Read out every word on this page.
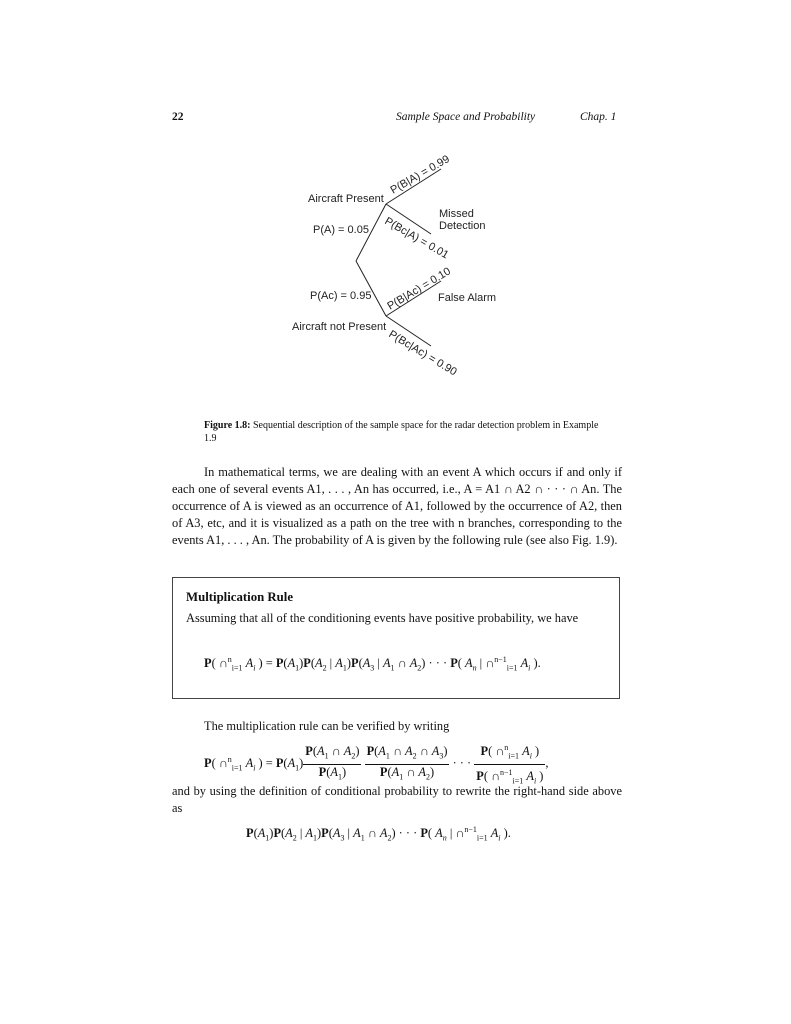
22	Sample Space and Probability	Chap. 1
Aircraft Present
P(A) = 0.05
P(Ac) = 0.95
Aircraft not Present
Missed
Detection
False Alarm
P(B|A) = 0.99
P(Bc|A) = 0.01
P(B|Ac) = 0.10
P(Bc|Ac) = 0.90
Figure 1.8: Sequential description of the sample space for the radar detection problem in Example 1.9

In mathematical terms, we are dealing with an event A which occurs if and only if each one of several events A1, . . . , An has occurred, i.e., A = A1 ∩ A2 ∩ · · · ∩ An. The occurrence of A is viewed as an occurrence of A1, followed by the occurrence of A2, then of A3, etc, and it is visualized as a path on the tree with n branches, corresponding to the events A1, . . . , An. The probability of A is given by the following rule (see also Fig. 1.9).

Multiplication Rule
Assuming that all of the conditioning events have positive probability, we have
P( ∩$^n_{i=1}$ $A_i$ ) = $P(A_1)P(A_2$ | $A_1)P(A_3$ | $A_1$ ∩ $A_2$) · · · P( $A_n$ | ∩$^{n-1}_{i=1}$ $A_i$ ).

The multiplication rule can be verified by writing

P( ∩$^n_{i=1}$ $A_i$ ) = $P(A_1) \frac{P(A_1 \cap A_2)}{P(A_1)}$
$\frac{P(A_1 \cap A_2 \cap A_3)}{P(A_1 \cap A_2)}$ · · · $\frac{P( \cap^n_{i=1} A_i )}{P( \cap^{n-1}_{i=1} A_i )}$ ,

and by using the definition of conditional probability to rewrite the right-hand side above as

$P(A_1)P(A_2$ | $A_1)P(A_3$ | $A_1$ ∩ $A_2$) · · · P( $A_n$ | ∩$^{n-1}_{i=1}$ $A_i$ ).
